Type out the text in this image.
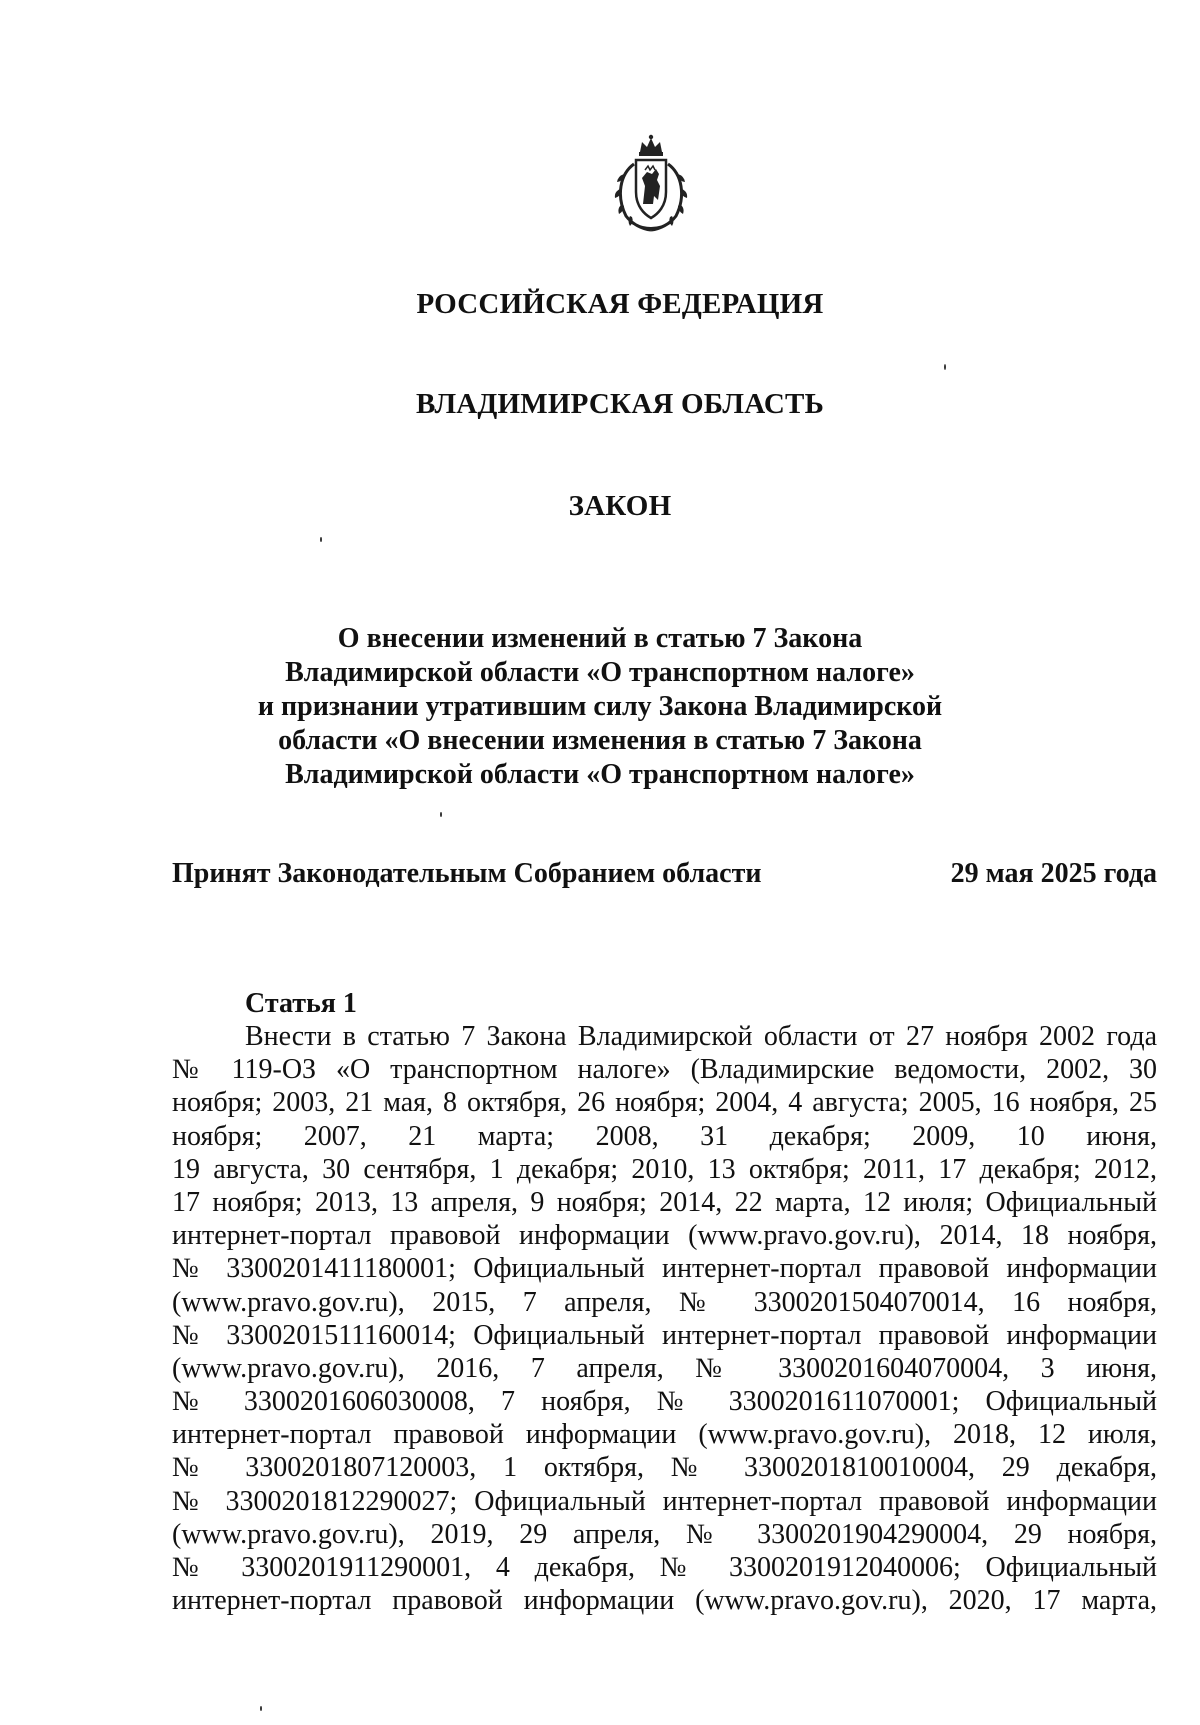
РОССИЙСКАЯ ФЕДЕРАЦИЯ
ВЛАДИМИРСКАЯ ОБЛАСТЬ
ЗАКОН
О внесении изменений в статью 7 Закона
Владимирской области «О транспортном налоге»
и признании утратившим силу Закона Владимирской
области «О внесении изменения в статью 7 Закона
Владимирской области «О транспортном налоге»
Принят Законодательным Собранием области	29 мая 2025 года
Статья 1
Внести в статью 7 Закона Владимирской области от 27 ноября 2002 года
№ 119-ОЗ «О транспортном налоге» (Владимирские ведомости, 2002, 30
ноября; 2003, 21 мая, 8 октября, 26 ноября; 2004, 4 августа; 2005, 16 ноября, 25
ноября; 2007, 21 марта; 2008, 31 декабря; 2009, 10 июня,
19 августа, 30 сентября, 1 декабря; 2010, 13 октября; 2011, 17 декабря; 2012,
17 ноября; 2013, 13 апреля, 9 ноября; 2014, 22 марта, 12 июля; Официальный
интернет-портал правовой информации (www.pravo.gov.ru), 2014, 18 ноября,
№ 3300201411180001; Официальный интернет-портал правовой информации
(www.pravo.gov.ru), 2015, 7 апреля, № 3300201504070014, 16 ноября,
№ 3300201511160014; Официальный интернет-портал правовой информации
(www.pravo.gov.ru), 2016, 7 апреля, № 3300201604070004, 3 июня,
№ 3300201606030008, 7 ноября, № 3300201611070001; Официальный
интернет-портал правовой информации (www.pravo.gov.ru), 2018, 12 июля,
№ 3300201807120003, 1 октября, № 3300201810010004, 29 декабря,
№ 3300201812290027; Официальный интернет-портал правовой информации
(www.pravo.gov.ru), 2019, 29 апреля, № 3300201904290004, 29 ноября,
№ 3300201911290001, 4 декабря, № 3300201912040006; Официальный
интернет-портал правовой информации (www.pravo.gov.ru), 2020, 17 марта,
